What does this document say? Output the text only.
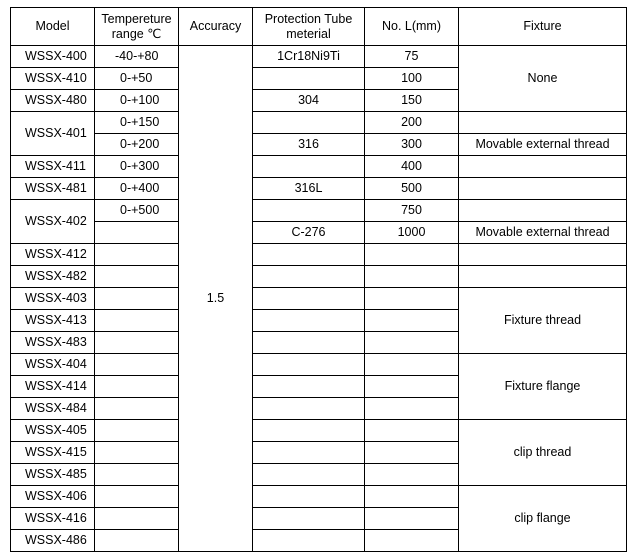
Model	Tempereture range ℃	Accuracy	Protection Tube meterial	No. L(mm)	Fixture
WSSX-400	-40-+80	1.5	1Cr18Ni9Ti	75	None
WSSX-410	0-+50			100	
WSSX-480	0-+100		304	150	
WSSX-401	0-+150			200	
	0-+200		316	300	Movable external thread
WSSX-411	0-+300			400	
WSSX-481	0-+400		316L	500	
WSSX-402	0-+500			750	
			C-276	1000	Movable external thread
WSSX-412					
WSSX-482					
WSSX-403					Fixture thread
WSSX-413					
WSSX-483					
WSSX-404					Fixture flange
WSSX-414					
WSSX-484					
WSSX-405					clip thread
WSSX-415					
WSSX-485					
WSSX-406					clip flange
WSSX-416					
WSSX-486					
